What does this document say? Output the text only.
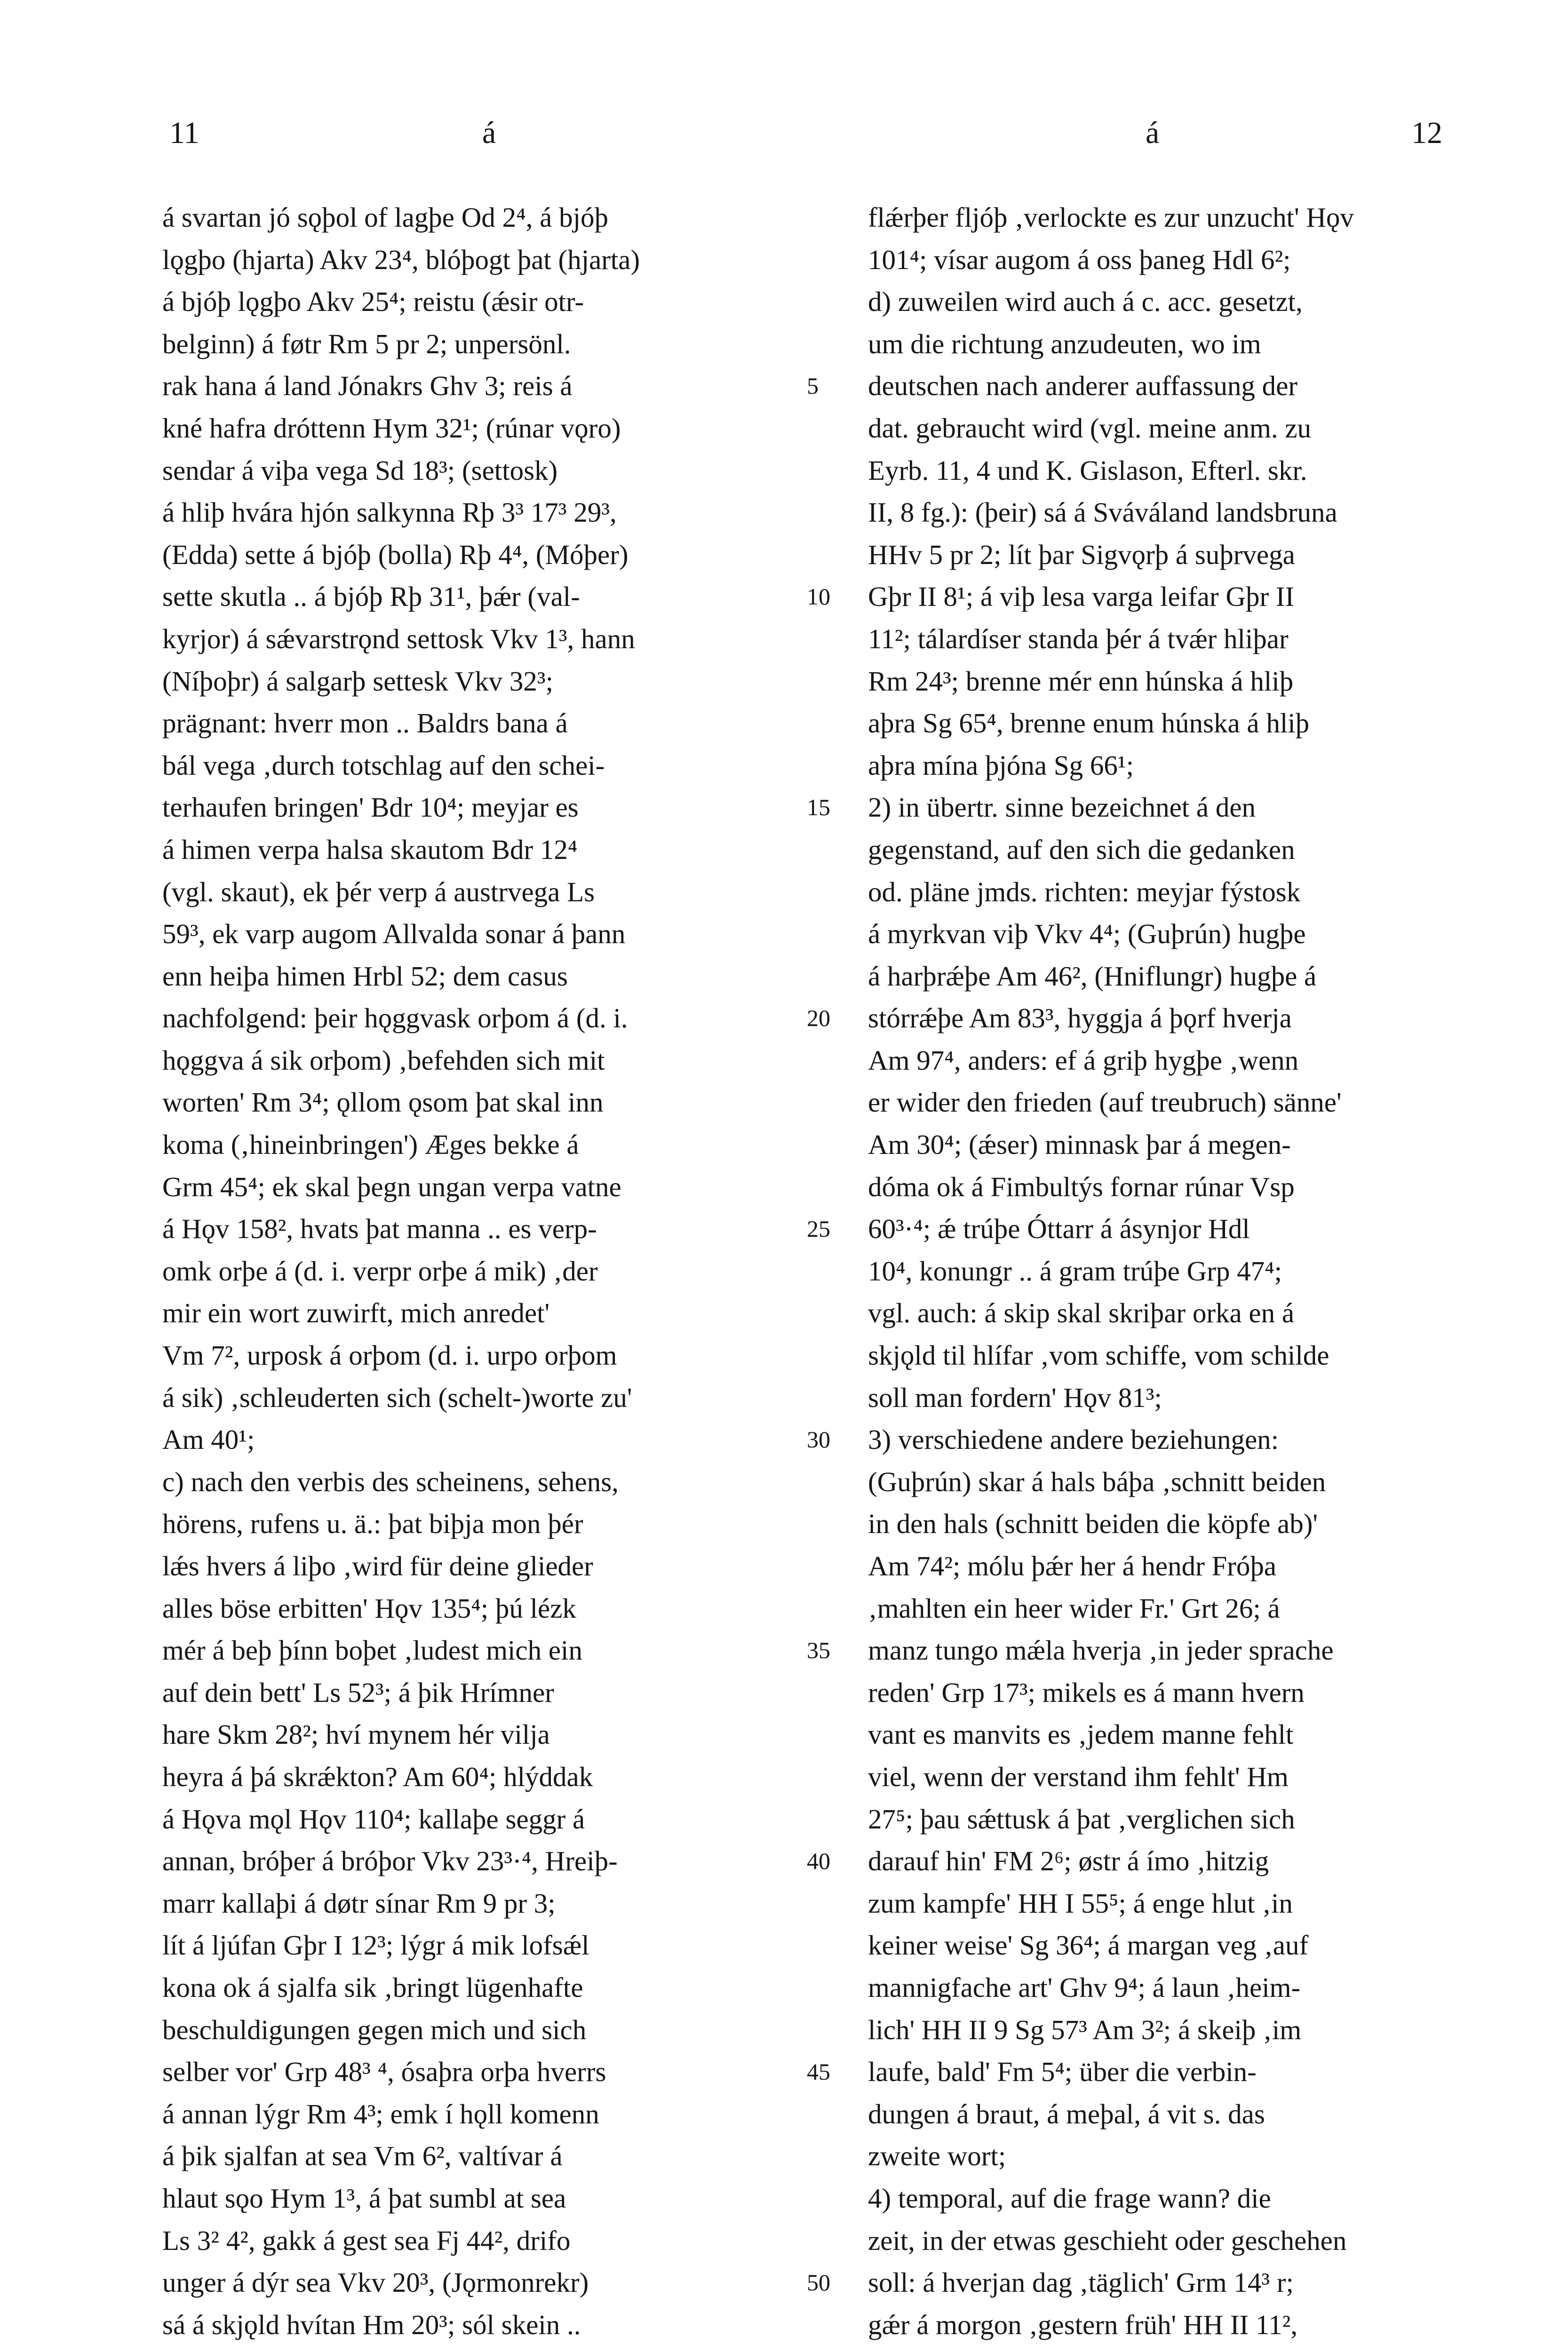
11	á	á	12
á svartan jó sǫþol of lagþe Od 2⁴, á bjóþ
lǫgþo (hjarta) Akv 23⁴, blóþogt þat (hjarta)
á bjóþ lǫgþo Akv 25⁴; reistu (ǽsir otr-
belginn) á føtr Rm 5 pr 2; unpersönl.
rak hana á land Jónakrs Ghv 3; reis á
kné hafra dróttenn Hym 32¹; (rúnar vǫro)
sendar á viþa vega Sd 18³; (settosk)
á hliþ hvára hjón salkynna Rþ 3³ 17³ 29³,
(Edda) sette á bjóþ (bolla) Rþ 4⁴, (Móþer)
sette skutla .. á bjóþ Rþ 31¹, þǽr (val-
kyrjor) á sǽvarstrǫnd settosk Vkv 1³, hann
(Níþoþr) á salgarþ settesk Vkv 32³;
prägnant: hverr mon .. Baldrs bana á
bál vega ‚durch totschlag auf den schei-
terhaufen bringen' Bdr 10⁴; meyjar es
á himen verpa halsa skautom Bdr 12⁴
(vgl. skaut), ek þér verp á austrvega Ls
59³, ek varp augom Allvalda sonar á þann
enn heiþa himen Hrbl 52; dem casus
nachfolgend: þeir hǫggvask orþom á (d. i.
hǫggva á sik orþom) ‚befehden sich mit
worten' Rm 3⁴; ǫllom ǫsom þat skal inn
koma (‚hineinbringen') Æges bekke á
Grm 45⁴; ek skal þegn ungan verpa vatne
á Hǫv 158², hvats þat manna .. es verp-
omk orþe á (d. i. verpr orþe á mik) ‚der
mir ein wort zuwirft, mich anredet'
Vm 7², urposk á orþom (d. i. urpo orþom
á sik) ‚schleuderten sich (schelt-)worte zu'
Am 40¹;
c) nach den verbis des scheinens, sehens,
hörens, rufens u. ä.: þat biþja mon þér
lǽs hvers á liþo ‚wird für deine glieder
alles böse erbitten' Hǫv 135⁴; þú lézk
mér á beþ þínn boþet ‚ludest mich ein
auf dein bett' Ls 52³; á þik Hrímner
hare Skm 28²; hví mynem hér vilja
heyra á þá skrǽkton? Am 60⁴; hlýddak
á Hǫva mǫl Hǫv 110⁴; kallaþe seggr á
annan, bróþer á bróþor Vkv 23³·⁴, Hreiþ-
marr kallaþi á døtr sínar Rm 9 pr 3;
lít á ljúfan Gþr I 12³; lýgr á mik lofsǽl
kona ok á sjalfa sik ‚bringt lügenhafte
beschuldigungen gegen mich und sich
selber vor' Grp 48³ ⁴, ósaþra orþa hverrs
á annan lýgr Rm 4³; emk í hǫll komenn
á þik sjalfan at sea Vm 6², valtívar á
hlaut sǫo Hym 1³, á þat sumbl at sea
Ls 3² 4², gakk á gest sea Fj 44², drifo
unger á dýr sea Vkv 20³, (Jǫrmonrekr)
sá á skjǫld hvítan Hm 20³; sól skein ..
5
10
15
20
25
30
35
40
45
50
flǽrþer fljóþ ‚verlockte es zur unzucht' Hǫv
101⁴; vísar augom á oss þaneg Hdl 6²;
d) zuweilen wird auch á c. acc. gesetzt,
um die richtung anzudeuten, wo im
deutschen nach anderer auffassung der
dat. gebraucht wird (vgl. meine anm. zu
Eyrb. 11, 4 und K. Gislason, Efterl. skr.
II, 8 fg.): (þeir) sá á Sváváland landsbruna
HHv 5 pr 2; lít þar Sigvǫrþ á suþrvega
Gþr II 8¹; á viþ lesa varga leifar Gþr II
11²; tálardíser standa þér á tvǽr hliþar
Rm 24³; brenne mér enn húnska á hliþ
aþra Sg 65⁴, brenne enum húnska á hliþ
aþra mína þjóna Sg 66¹;
2) in übertr. sinne bezeichnet á den
gegenstand, auf den sich die gedanken
od. pläne jmds. richten: meyjar fýstosk
á myrkvan viþ Vkv 4⁴; (Guþrún) hugþe
á harþrǽþe Am 46², (Hniflungr) hugþe á
stórrǽþe Am 83³, hyggja á þǫrf hverja
Am 97⁴, anders: ef á griþ hygþe ‚wenn
er wider den frieden (auf treubruch) sänne'
Am 30⁴; (ǽser) minnask þar á megen-
dóma ok á Fimbultýs fornar rúnar Vsp
60³·⁴; ǽ trúþe Óttarr á ásynjor Hdl
10⁴, konungr .. á gram trúþe Grp 47⁴;
vgl. auch: á skip skal skriþar orka en á
skjǫld til hlífar ‚vom schiffe, vom schilde
soll man fordern' Hǫv 81³;
3) verschiedene andere beziehungen:
(Guþrún) skar á hals báþa ‚schnitt beiden
in den hals (schnitt beiden die köpfe ab)'
Am 74²; mólu þǽr her á hendr Fróþa
‚mahlten ein heer wider Fr.' Grt 26; á
manz tungo mǽla hverja ‚in jeder sprache
reden' Grp 17³; mikels es á mann hvern
vant es manvits es ‚jedem manne fehlt
viel, wenn der verstand ihm fehlt' Hm
27⁵; þau sǽttusk á þat ‚verglichen sich
darauf hin' FM 2⁶; østr á ímo ‚hitzig
zum kampfe' HH I 55⁵; á enge hlut ‚in
keiner weise' Sg 36⁴; á margan veg ‚auf
mannigfache art' Ghv 9⁴; á laun ‚heim-
lich' HH II 9 Sg 57³ Am 3²; á skeiþ ‚im
laufe, bald' Fm 5⁴; über die verbin-
dungen á braut, á meþal, á vit s. das
zweite wort;
4) temporal, auf die frage wann? die
zeit, in der etwas geschieht oder geschehen
soll: á hverjan dag ‚täglich' Grm 14³ r;
gǽr á morgon ‚gestern früh' HH II 11²,
